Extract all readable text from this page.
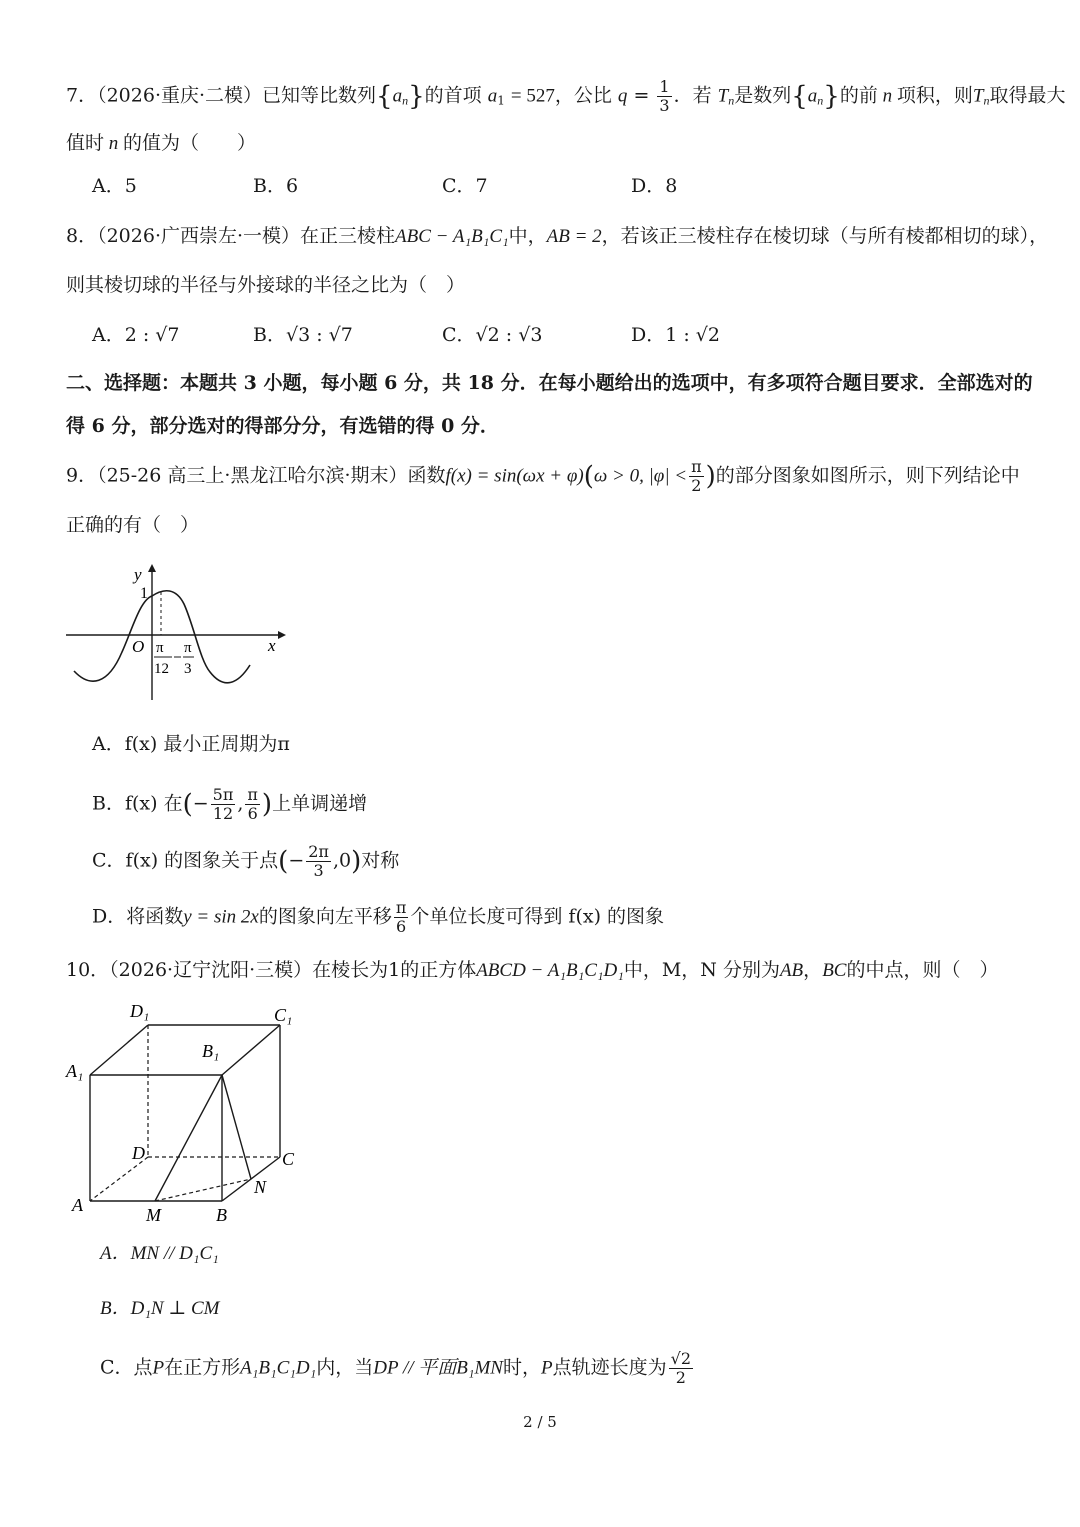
7．（2026·重庆·二模）已知等比数列$\{a_n\}$的首项 $a_1 = 527$，公比 $q = \frac{1}{3}$ ．若 $T_n$是数列$\{a_n\}$的前 n 项积，则$T_n$取得最大
值时 n 的值为（　　）
A．5	B．6	C．7	D．8
8．（2026·广西崇左·一模）在正三棱柱ABC − A₁B₁C₁中，AB = 2，若该正三棱柱存在棱切球（与所有棱都相切的球），
则其棱切球的半径与外接球的半径之比为（　）
A．2 : √7	B．√3 : √7	C．√2 : √3	D．1 : √2
二、选择题：本题共 3 小题，每小题 6 分，共 18 分．在每小题给出的选项中，有多项符合题目要求．全部选对的
得 6 分，部分选对的得部分分，有选错的得 0 分．
9．（25-26 高三上·黑龙江哈尔滨·期末）函数f(x) = sin(ωx + φ)(ω > 0, $|\varphi| < \frac{\pi}{2}$ )的部分图象如图所示，则下列结论中
正确的有（　）
y
1
x
O π
12
π
3
A．f(x) 最小正周期为π
B．f(x) 在(− $\frac{5\pi}{12}$ , $\frac{\pi}{6}$ )上单调递增
C．f(x) 的图象关于点(− $\frac{2\pi}{3} ,0$)对称
D．将函数y = sin 2x的图象向左平移 $\frac{\pi}{6}$ 个单位长度可得到 f(x) 的图象
10．（2026·辽宁沈阳·三模）在棱长为1的正方体ABCD − A₁B₁C₁D₁中，M，N 分别为AB，BC的中点，则（　）
D₁	C₁
A₁
B₁
D	C
A	M	B
N
A．MN // D₁C₁
B．D₁N ⊥ CM
C．点P在正方形A₁B₁C₁D₁内，当DP // 平面B₁MN时，P点轨迹长度为 $\frac{√2}{2}$
2 / 5
